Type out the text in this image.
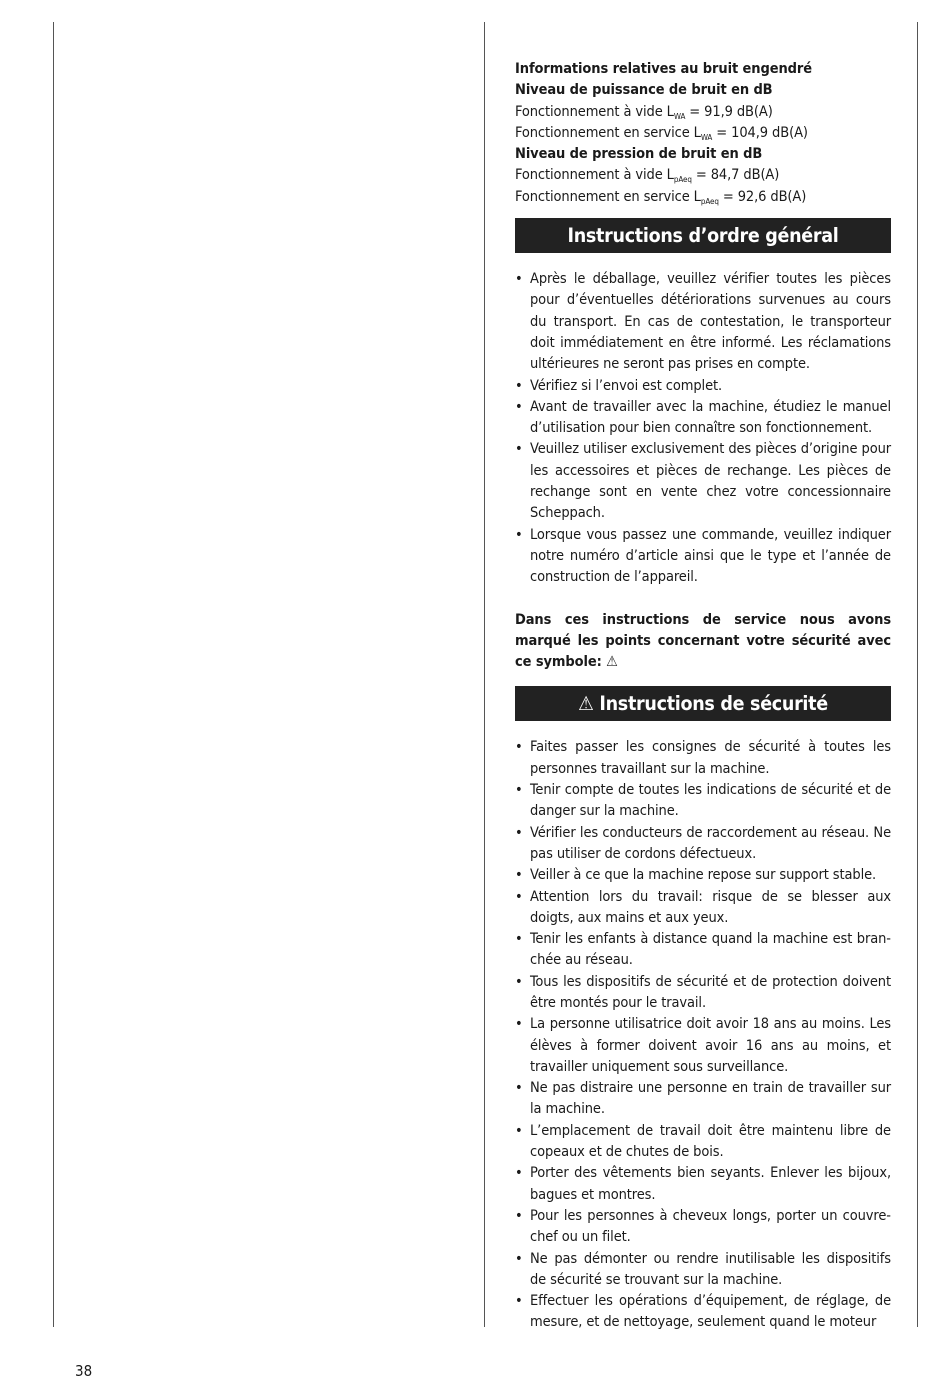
Informations relatives au bruit engendré

Niveau de puissance de bruit en dB

Fonctionnement à vide $L_{WA} = 91,9$ dB(A)

Fonctionnement en service $L_{WA} = 104,9$ dB(A)

Niveau de pression de bruit en dB

Fonctionnement à vide $L_{pAeq} = 84,7$ dB(A)

Fonctionnement en service $L_{pAeq} = 92,6$ dB(A)

Instructions d’ordre général
• Après le déballage, veuillez vérifier toutes les pièces pour d’éventuelles détériorations survenues au cours du transport. En cas de contestation, le transporteur doit immédiatement en être informé. Les réclamations ultérieures ne seront pas prises en compte.
• Vérifiez si l’envoi est complet.
• Avant de travailler avec la machine, étudiez le manuel d’utilisation pour bien connaître son fonctionnement.
• Veuillez utiliser exclusivement des pièces d’origine pour les accessoires et pièces de rechange. Les pièces de rechange sont en vente chez votre concessionnaire Scheppach.
• Lorsque vous passez une commande, veuillez indiquer notre numéro d’article ainsi que le type et l’année de construction de l’appareil.

Dans ces instructions de service nous avons marqué les points concernant votre sécurité avec ce symbole: ⚠

⚠ Instructions de sécurité
• Faites passer les consignes de sécurité à toutes les personnes travaillant sur la machine.
• Tenir compte de toutes les indications de sécurité et de danger sur la machine.
• Vérifier les conducteurs de raccordement au réseau. Ne pas utiliser de cordons défectueux.
• Veiller à ce que la machine repose sur support stable.
• Attention lors du travail: risque de se blesser aux doigts, aux mains et aux yeux.
• Tenir les enfants à distance quand la machine est branchée au réseau.
• Tous les dispositifs de sécurité et de protection doivent être montés pour le travail.
• La personne utilisatrice doit avoir 18 ans au moins. Les élèves à former doivent avoir 16 ans au moins, et travailler uniquement sous surveillance.
• Ne pas distraire une personne en train de travailler sur la machine.
• L’emplacement de travail doit être maintenu libre de copeaux et de chutes de bois.
• Porter des vêtements bien seyants. Enlever les bijoux, bagues et montres.
• Pour les personnes à cheveux longs, porter un couvrechef ou un filet.
• Ne pas démonter ou rendre inutilisable les dispositifs de sécurité se trouvant sur la machine.
• Effectuer les opérations d’équipement, de réglage, de mesure, et de nettoyage, seulement quand le moteur
38
